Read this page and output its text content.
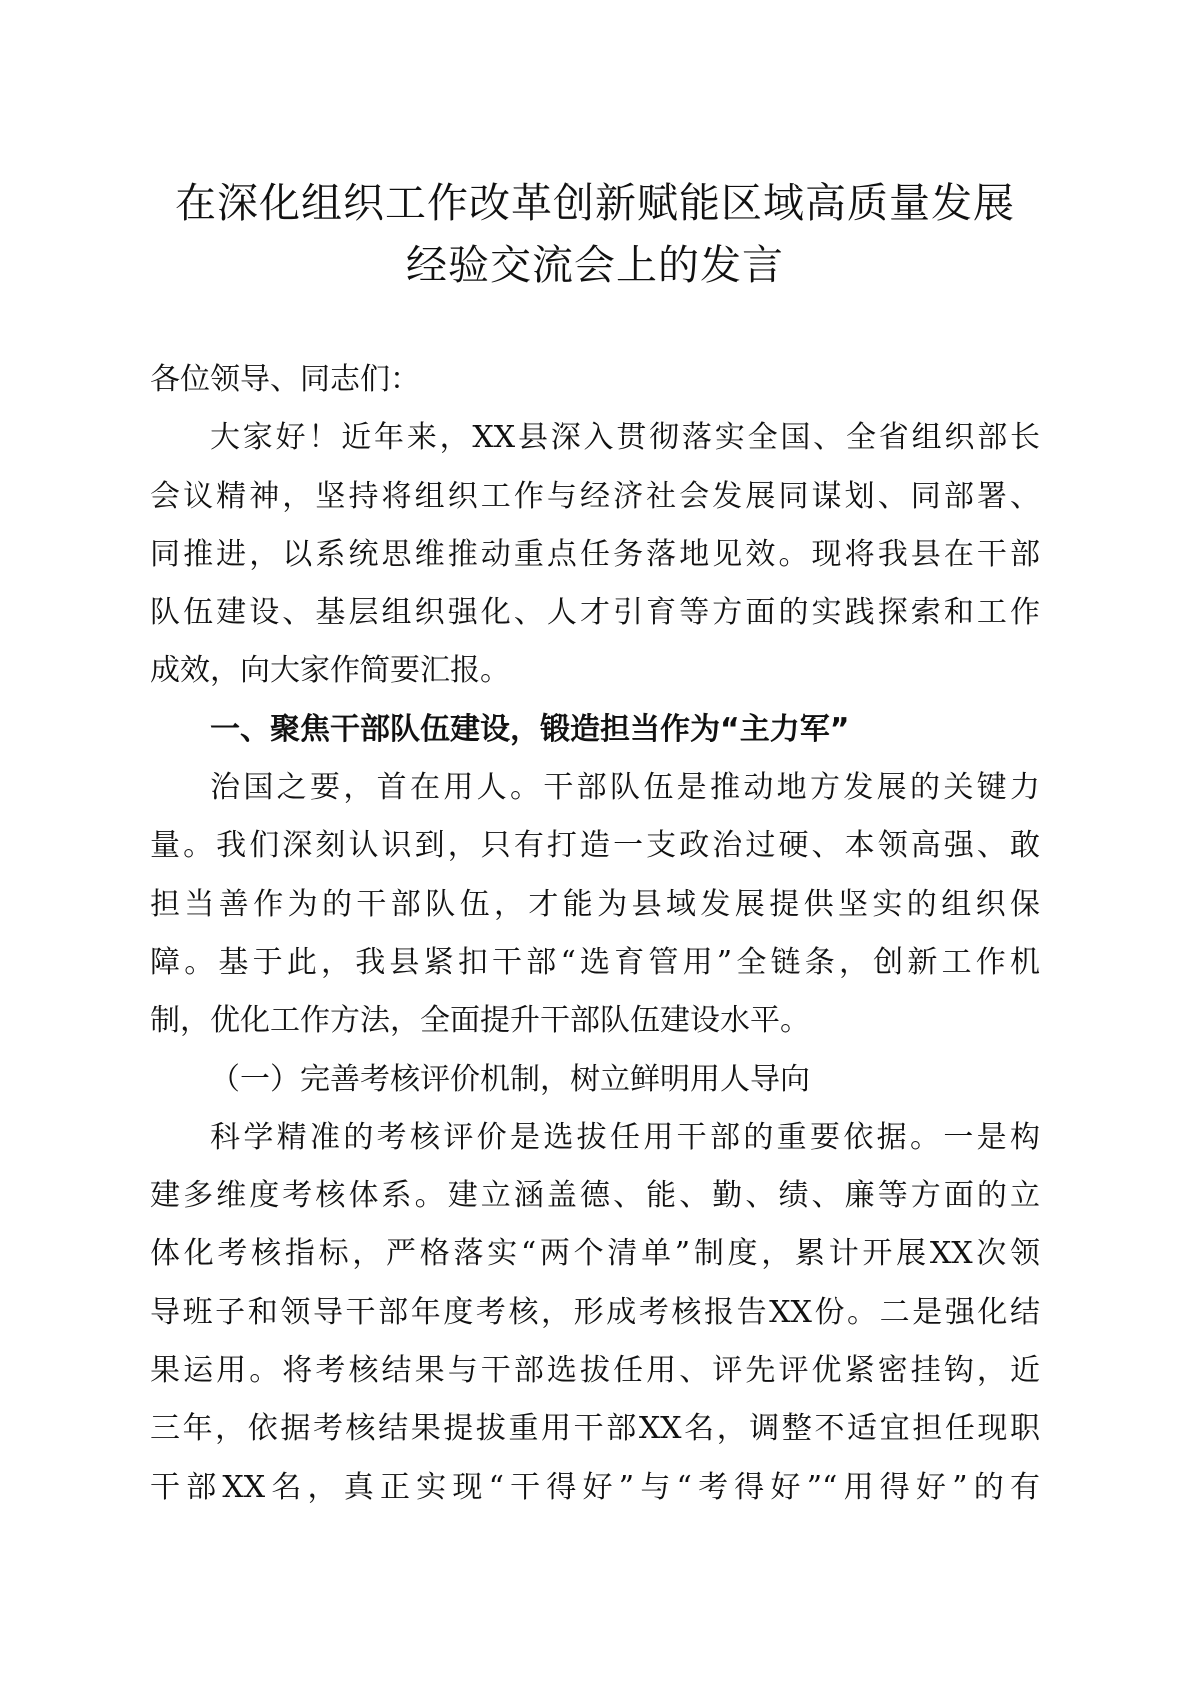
在深化组织工作改革创新赋能区域高质量发展
经验交流会上的发言
各位领导、同志们：
大家好！近年来，XX县深入贯彻落实全国、全省组织部长
会议精神，坚持将组织工作与经济社会发展同谋划、同部署、
同推进，以系统思维推动重点任务落地见效。现将我县在干部
队伍建设、基层组织强化、人才引育等方面的实践探索和工作
成效，向大家作简要汇报。
一、聚焦干部队伍建设，锻造担当作为“主力军”
治国之要，首在用人。干部队伍是推动地方发展的关键力
量。我们深刻认识到，只有打造一支政治过硬、本领高强、敢
担当善作为的干部队伍，才能为县域发展提供坚实的组织保
障。基于此，我县紧扣干部“选育管用”全链条，创新工作机
制，优化工作方法，全面提升干部队伍建设水平。
（一）完善考核评价机制，树立鲜明用人导向
科学精准的考核评价是选拔任用干部的重要依据。一是构
建多维度考核体系。建立涵盖德、能、勤、绩、廉等方面的立
体化考核指标，严格落实“两个清单”制度，累计开展XX次领
导班子和领导干部年度考核，形成考核报告XX份。二是强化结
果运用。将考核结果与干部选拔任用、评先评优紧密挂钩，近
三年，依据考核结果提拔重用干部XX名，调整不适宜担任现职
干部XX名，真正实现“干得好”与“考得好”“用得好”的有
